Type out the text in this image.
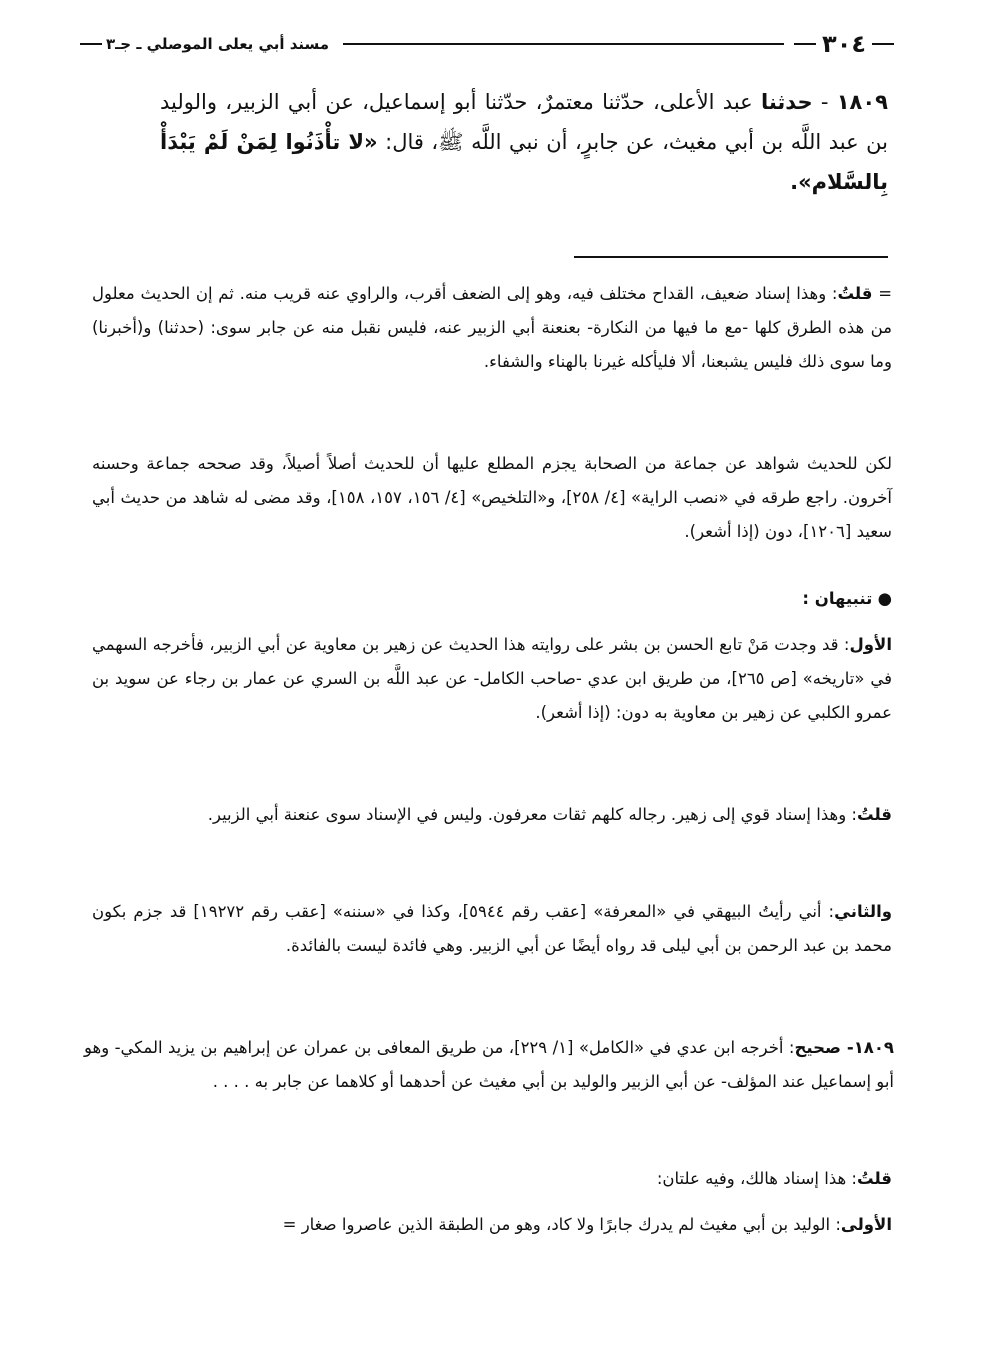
٣٠٤
مسند أبي يعلى الموصلي ـ جـ٣
١٨٠٩ - حدثنا عبد الأعلى، حدّثنا معتمرٌ، حدّثنا أبو إسماعيل، عن أبي الزبير، والوليد بن عبد اللَّه بن أبي مغيث، عن جابرٍ، أن نبي اللَّه ﷺ، قال: «لا تأْذَنُوا لِمَنْ لَمْ يَبْدَأْ بِالسَّلام».
= قلتُ: وهذا إسناد ضعيف، القداح مختلف فيه، وهو إلى الضعف أقرب، والراوي عنه قريب منه. ثم إن الحديث معلول من هذه الطرق كلها -مع ما فيها من النكارة- بعنعنة أبي الزبير عنه، فليس نقبل منه عن جابر سوى: (حدثنا) و(أخبرنا) وما سوى ذلك فليس يشبعنا، ألا فليأكله غيرنا بالهناء والشفاء.
لكن للحديث شواهد عن جماعة من الصحابة يجزم المطلع عليها أن للحديث أصلاً أصيلاً، وقد صححه جماعة وحسنه آخرون. راجع طرقه في «نصب الراية» [٤/ ٢٥٨]، و«التلخيص» [٤/ ١٥٦، ١٥٧، ١٥٨]، وقد مضى له شاهد من حديث أبي سعيد [١٢٠٦]، دون (إذا أشعر).
● تنبيهان :
الأول: قد وجدت مَنْ تابع الحسن بن بشر على روايته هذا الحديث عن زهير بن معاوية عن أبي الزبير، فأخرجه السهمي في «تاريخه» [ص ٢٦٥]، من طريق ابن عدي -صاحب الكامل- عن عبد اللَّه بن السري عن عمار بن رجاء عن سويد بن عمرو الكلبي عن زهير بن معاوية به دون: (إذا أشعر).
قلتُ: وهذا إسناد قوي إلى زهير. رجاله كلهم ثقات معرفون. وليس في الإسناد سوى عنعنة أبي الزبير.
والثاني: أني رأيتُ البيهقي في «المعرفة» [عقب رقم ٥٩٤٤]، وكذا في «سننه» [عقب رقم ١٩٢٧٢] قد جزم بكون محمد بن عبد الرحمن بن أبي ليلى قد رواه أيضًا عن أبي الزبير. وهي فائدة ليست بالفائدة.
١٨٠٩- صحيح: أخرجه ابن عدي في «الكامل» [١/ ٢٢٩]، من طريق المعافى بن عمران عن إبراهيم بن يزيد المكي- وهو أبو إسماعيل عند المؤلف- عن أبي الزبير والوليد بن أبي مغيث عن أحدهما أو كلاهما عن جابر به . . . .
قلتُ: هذا إسناد هالك، وفيه علتان:
الأولى: الوليد بن أبي مغيث لم يدرك جابرًا ولا كاد، وهو من الطبقة الذين عاصروا صغار =
